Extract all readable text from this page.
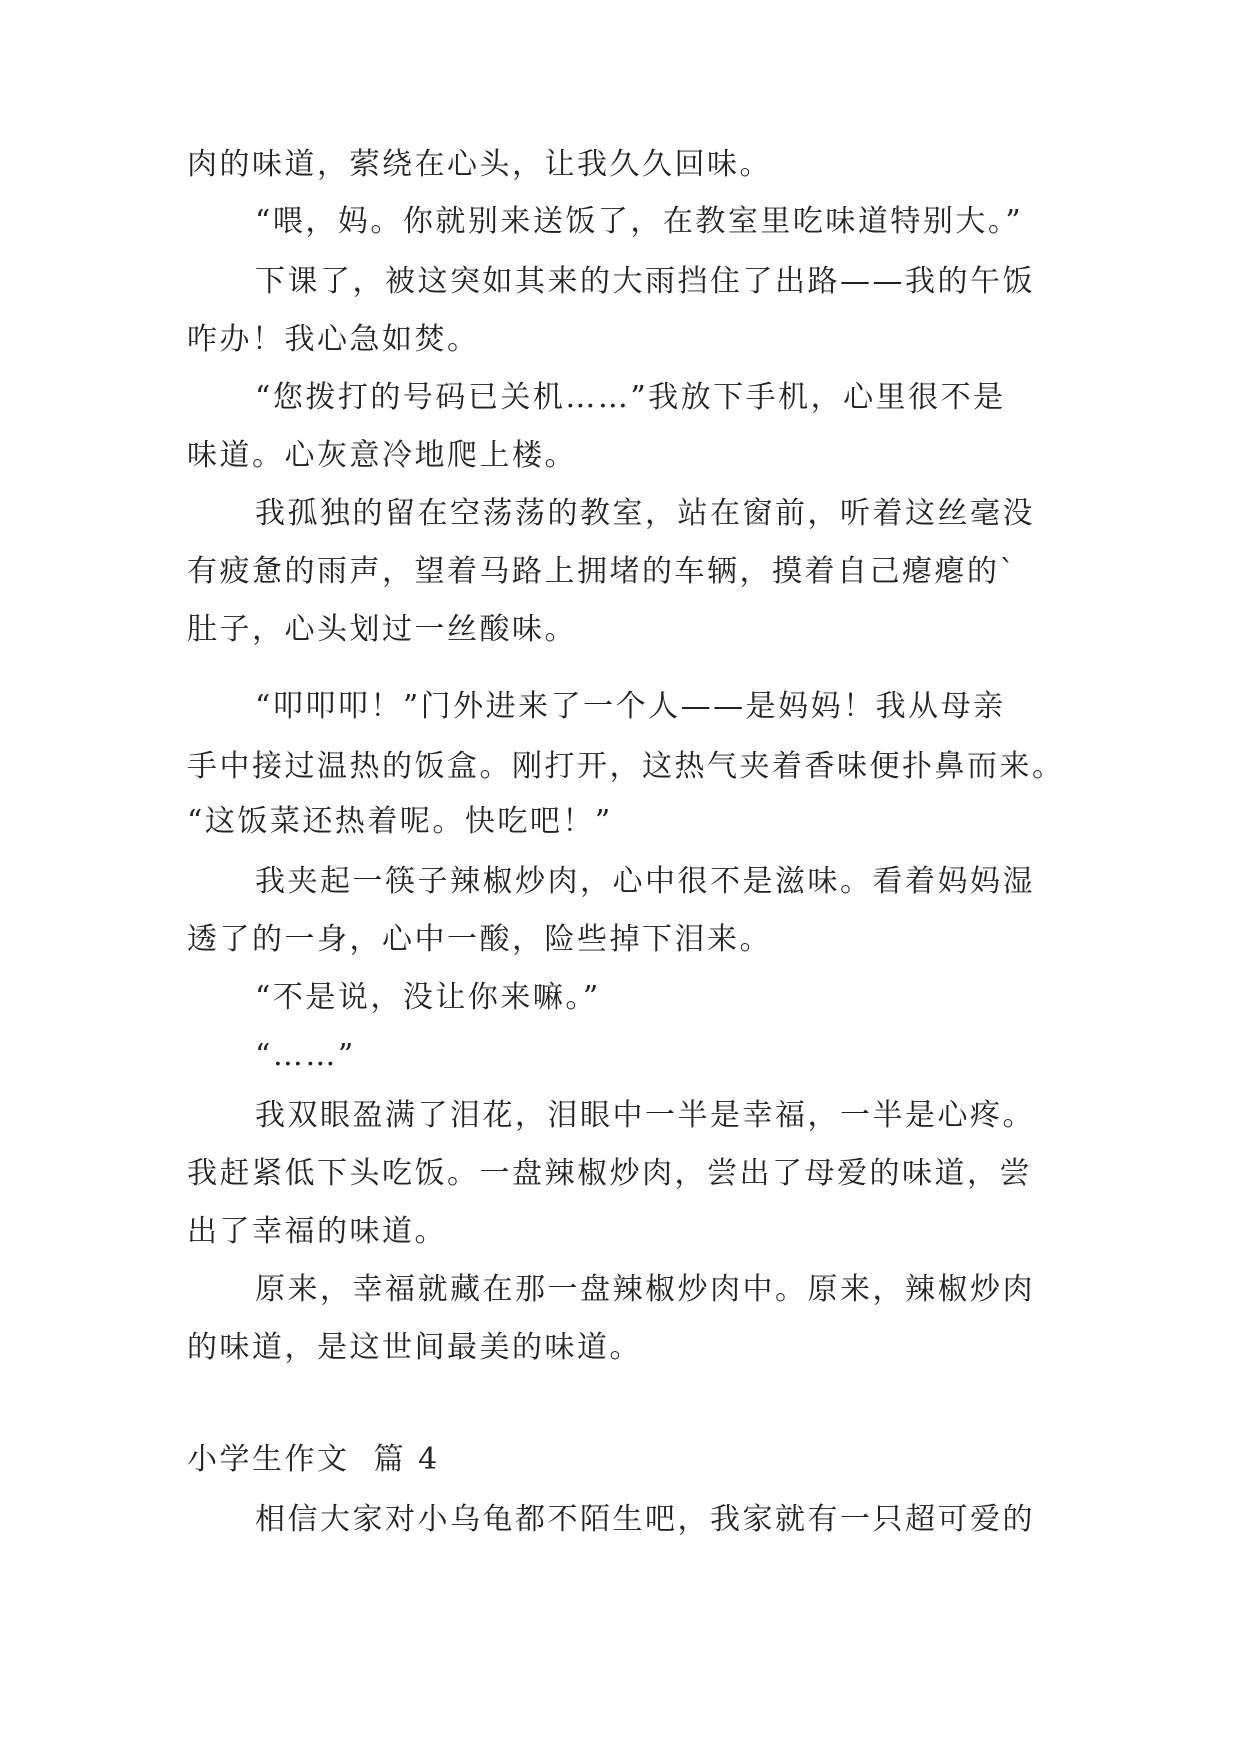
肉的味道，萦绕在心头，让我久久回味。
“喂，妈。你就别来送饭了，在教室里吃味道特别大。”
下课了，被这突如其来的大雨挡住了出路——我的午饭
咋办！我心急如焚。
“您拨打的号码已关机……”我放下手机，心里很不是
味道。心灰意冷地爬上楼。
我孤独的留在空荡荡的教室，站在窗前，听着这丝毫没
有疲惫的雨声，望着马路上拥堵的车辆，摸着自己瘪瘪的`
肚子，心头划过一丝酸味。
“叩叩叩！”门外进来了一个人——是妈妈！我从母亲
手中接过温热的饭盒。刚打开，这热气夹着香味便扑鼻而来。
“这饭菜还热着呢。快吃吧！”
我夹起一筷子辣椒炒肉，心中很不是滋味。看着妈妈湿
透了的一身，心中一酸，险些掉下泪来。
“不是说，没让你来嘛。”
“……”
我双眼盈满了泪花，泪眼中一半是幸福，一半是心疼。
我赶紧低下头吃饭。一盘辣椒炒肉，尝出了母爱的味道，尝
出了幸福的味道。
原来，幸福就藏在那一盘辣椒炒肉中。原来，辣椒炒肉
的味道，是这世间最美的味道。
小学生作文  篇 4
相信大家对小乌龟都不陌生吧，我家就有一只超可爱的
